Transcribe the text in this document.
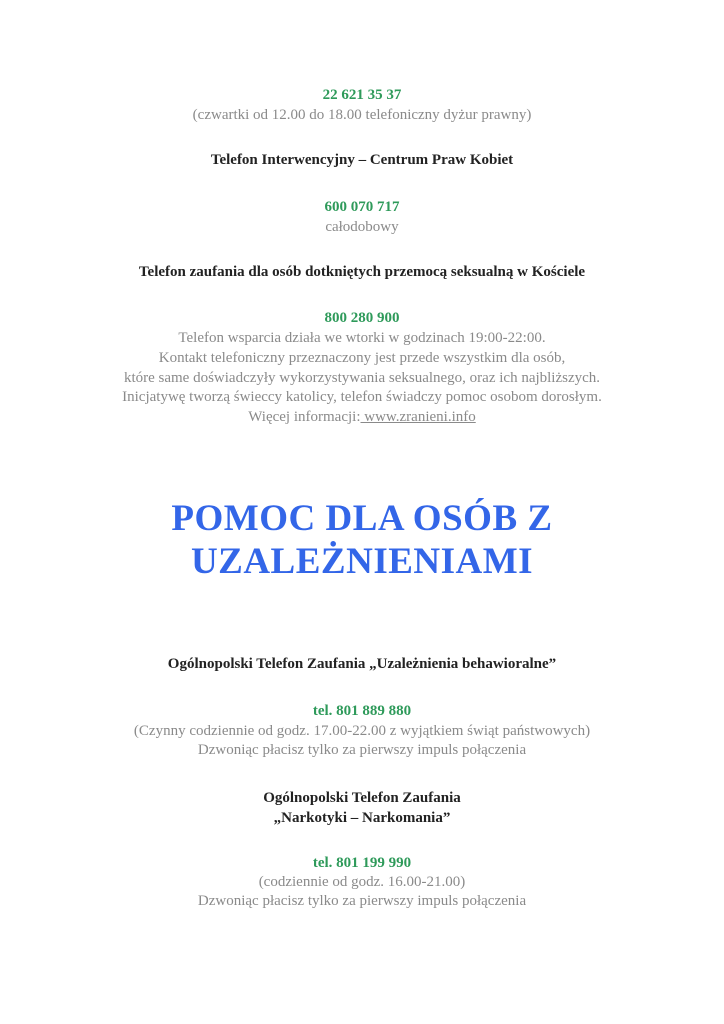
22 621 35 37

(czwartki od 12.00 do 18.00 telefoniczny dyżur prawny)

Telefon Interwencyjny – Centrum Praw Kobiet

600 070 717

całodobowy

Telefon zaufania dla osób dotkniętych przemocą seksualną w Kościele

800 280 900

Telefon wsparcia działa we wtorki w godzinach 19:00-22:00.

Kontakt telefoniczny przeznaczony jest przede wszystkim dla osób,

które same doświadczyły wykorzystywania seksualnego, oraz ich najbliższych.

Inicjatywę tworzą świeccy katolicy, telefon świadczy pomoc osobom dorosłym.

Więcej informacji: www.zranieni.info

POMOC DLA OSÓB Z

UZALEŻNIENIAMI

Ogólnopolski Telefon Zaufania „Uzależnienia behawioralne”

tel. 801 889 880

(Czynny codziennie od godz. 17.00-22.00 z wyjątkiem świąt państwowych)

Dzwoniąc płacisz tylko za pierwszy impuls połączenia

Ogólnopolski Telefon Zaufania

„Narkotyki – Narkomania”

tel. 801 199 990

(codziennie od godz. 16.00-21.00)

Dzwoniąc płacisz tylko za pierwszy impuls połączenia
